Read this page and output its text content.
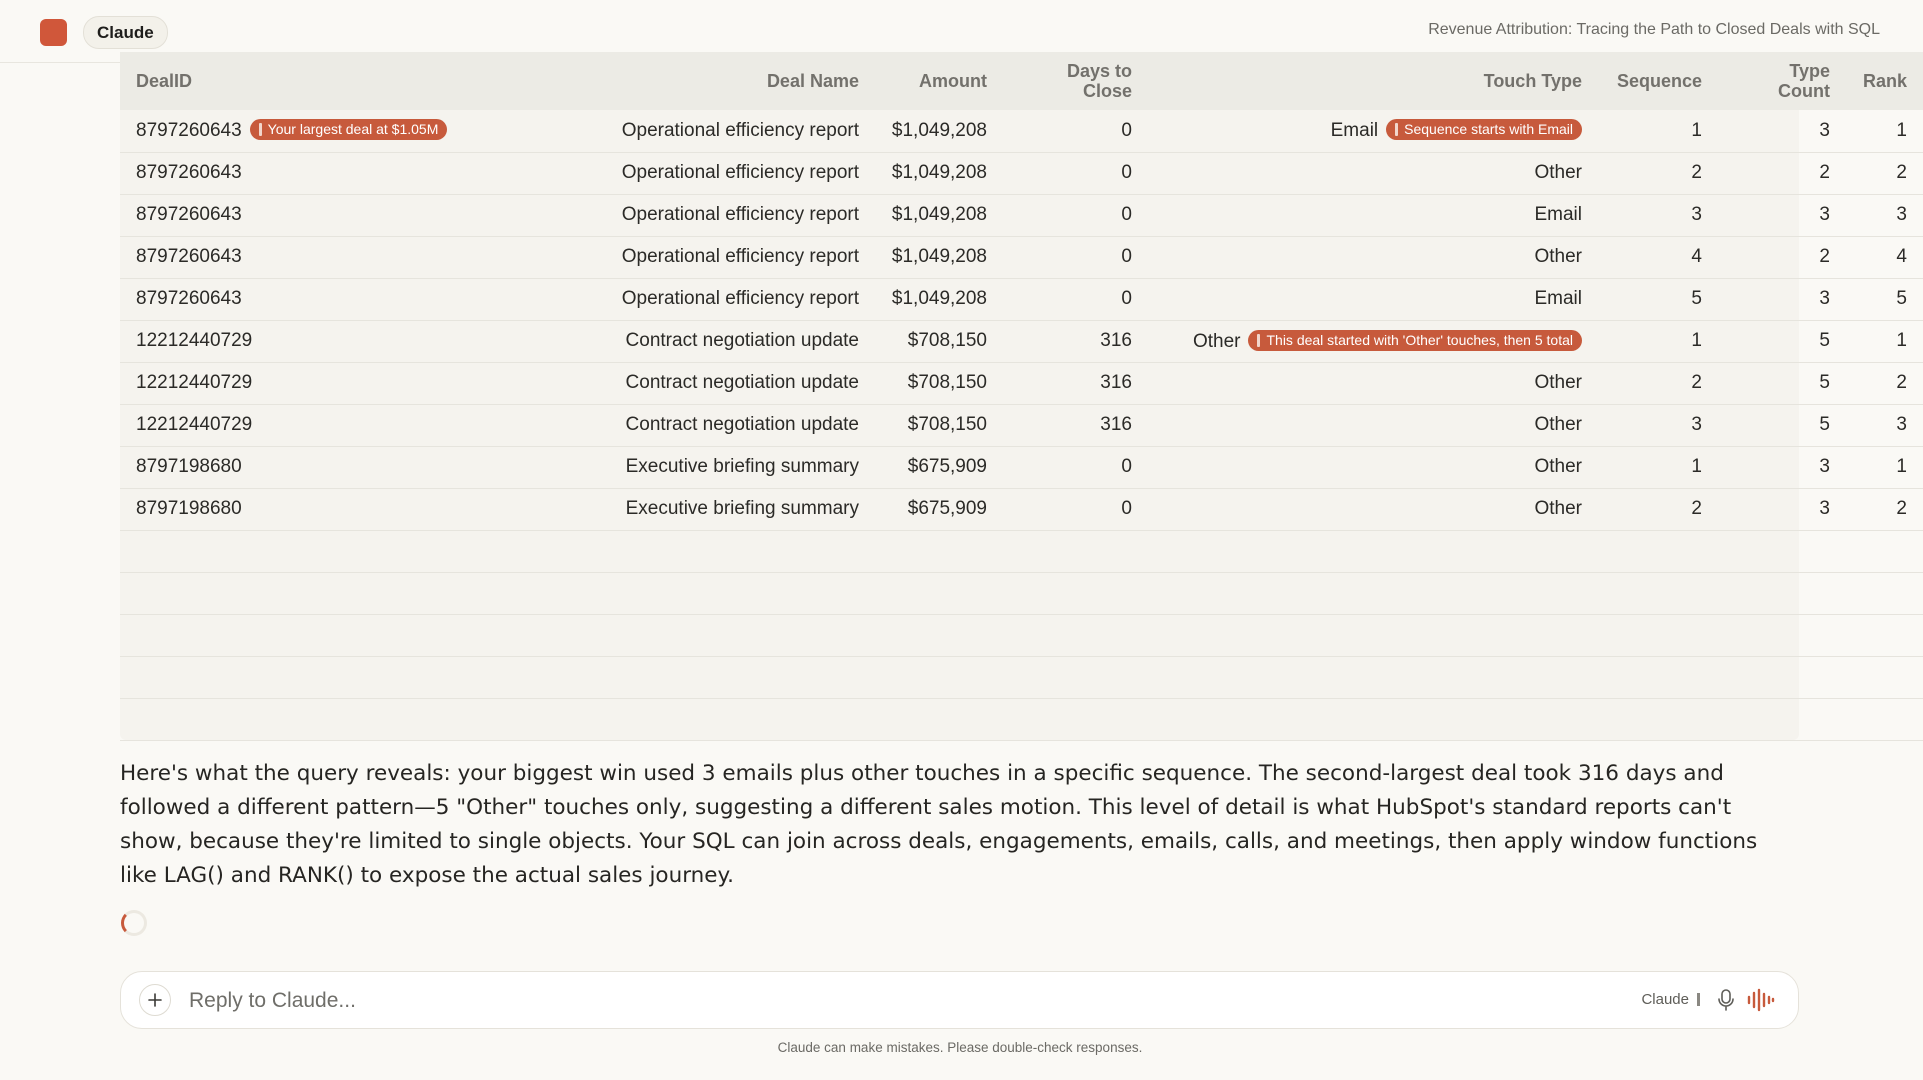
Claude	Revenue Attribution: Tracing the Path to Closed Deals with SQL
DealID	Deal Name	Amount	Days to Close	Touch Type	Sequence	Type Count	Rank
8797260643 Your largest deal at $1.05M	Operational efficiency report	$1,049,208	0	Email Sequence starts with Email	1	3	1
8797260643	Operational efficiency report	$1,049,208	0	Other	2	2	2
8797260643	Operational efficiency report	$1,049,208	0	Email	3	3	3
8797260643	Operational efficiency report	$1,049,208	0	Other	4	2	4
8797260643	Operational efficiency report	$1,049,208	0	Email	5	3	5
12212440729	Contract negotiation update	$708,150	316	Other This deal started with 'Other' touches, then 5 total	1	5	1
12212440729	Contract negotiation update	$708,150	316	Other	2	5	2
12212440729	Contract negotiation update	$708,150	316	Other	3	5	3
8797198680	Executive briefing summary	$675,909	0	Other	1	3	1
8797198680	Executive briefing summary	$675,909	0	Other	2	3	2

Here's what the query reveals: your biggest win used 3 emails plus other touches in a specific sequence. The second-largest deal took 316 days and followed a different pattern—5 "Other" touches only, suggesting a different sales motion. This level of detail is what HubSpot's standard reports can't show, because they're limited to single objects. Your SQL can join across deals, engagements, emails, calls, and meetings, then apply window functions like LAG() and RANK() to expose the actual sales journey.
Reply to Claude...
Claude
Claude can make mistakes. Please double-check responses.
